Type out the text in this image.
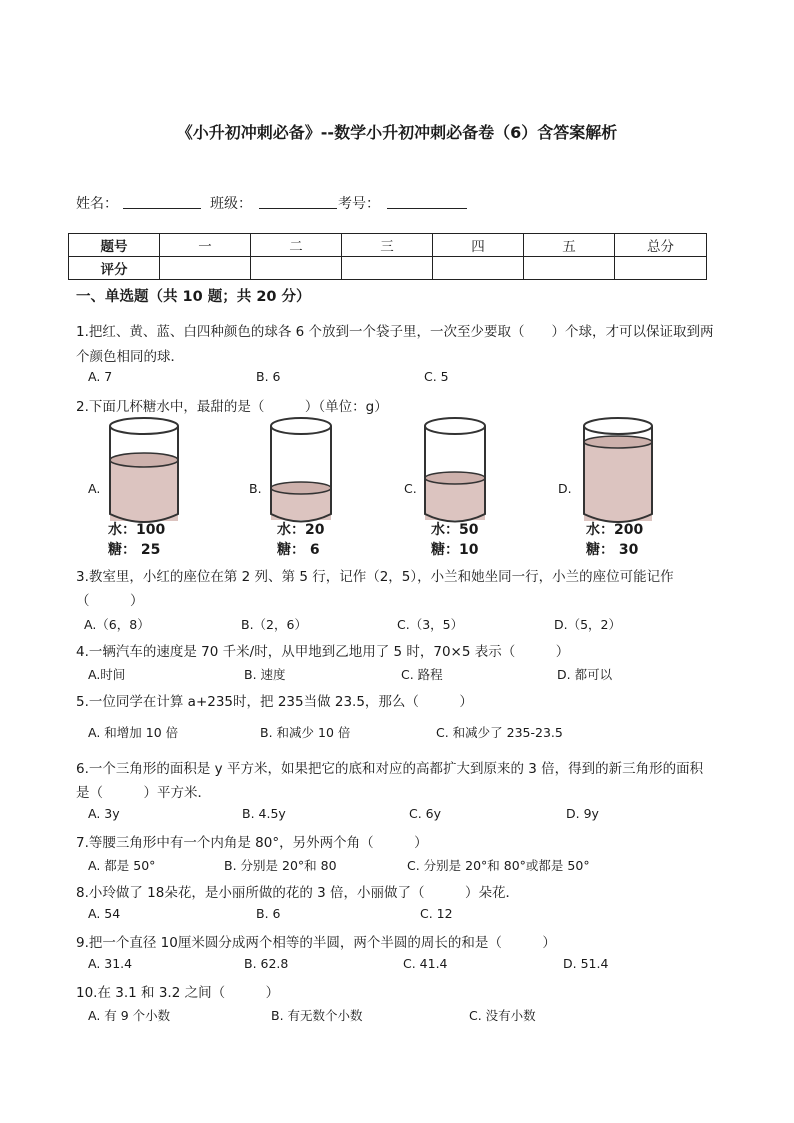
《小升初冲刺必备》--数学小升初冲刺必备卷（6）含答案解析
姓名：	班级：	考号：
题号	一	二	三	四	五	总分
评分						
一、单选题（共 10 题；共 20 分）
1.把红、黄、蓝、白四种颜色的球各 6 个放到一个袋子里，一次至少要取（　　）个球，才可以保证取到两
个颜色相同的球．
A. 7	B. 6	C. 5
2.下面几杯糖水中，最甜的是（　　　）（单位：g）
A.
水：100
糖： 25
B.
水：20
糖： 6
C.
水：50
糖：10
D.
水：200
糖： 30
3.教室里，小红的座位在第 2 列、第 5 行，记作（2，5），小兰和她坐同一行，小兰的座位可能记作
（　　　）
A.（6，8）	B.（2，6）	C.（3，5）	D.（5，2）
4.一辆汽车的速度是 70 千米/时，从甲地到乙地用了 5 时，70×5 表示（　　　）
A.时间	B. 速度	C. 路程	D. 都可以
5.一位同学在计算 a+235时，把 235当做 23.5，那么（　　　）
A. 和增加 10 倍	B. 和减少 10 倍	C. 和减少了 235-23.5
6.一个三角形的面积是 y 平方米，如果把它的底和对应的高都扩大到原来的 3 倍，得到的新三角形的面积
是（　　　）平方米．
A. 3y	B. 4.5y	C. 6y	D. 9y
7.等腰三角形中有一个内角是 80°，另外两个角（　　　）
A. 都是 50°	B. 分别是 20°和 80	C. 分别是 20°和 80°或都是 50°
8.小玲做了 18朵花，是小丽所做的花的 3 倍，小丽做了（　　　）朵花．
A. 54	B. 6	C. 12
9.把一个直径 10厘米圆分成两个相等的半圆，两个半圆的周长的和是（　　　）
A. 31.4	B. 62.8	C. 41.4	D. 51.4
10.在 3.1 和 3.2 之间（　　　）
A. 有 9 个小数	B. 有无数个小数	C. 没有小数
